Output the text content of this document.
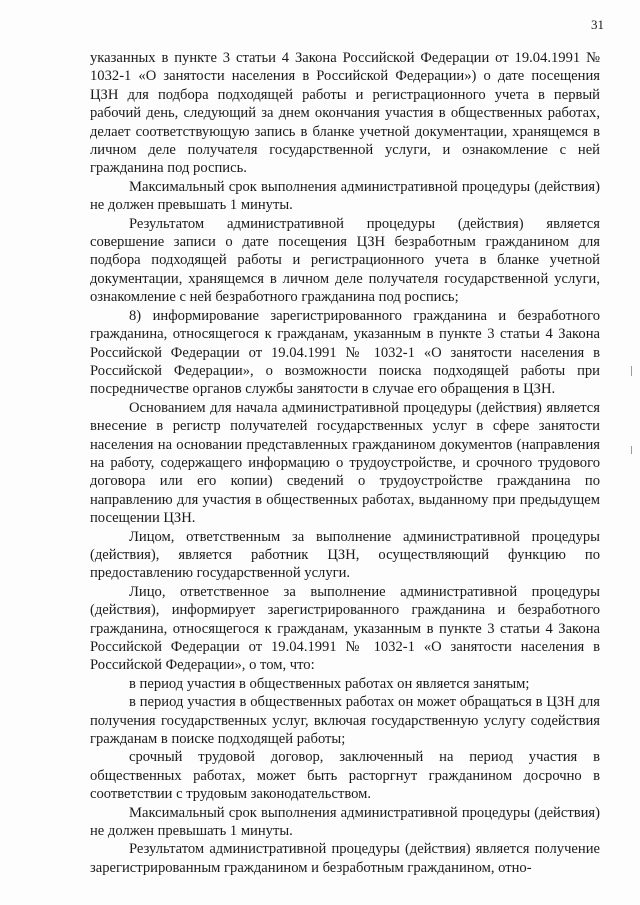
31

указанных в пункте 3 статьи 4 Закона Российской Федерации от 19.04.1991 № 1032-1 «О занятости населения в Российской Федерации») о дате посещения ЦЗН для подбора подходящей работы и регистрационного учета в первый рабочий день, следующий за днем окончания участия в общественных работах, делает соответствующую запись в бланке учетной документации, хранящемся в личном деле получателя государственной услуги, и ознакомление с ней гражданина под роспись.

Максимальный срок выполнения административной процедуры (действия) не должен превышать 1 минуты.

Результатом административной процедуры (действия) является совершение записи о дате посещения ЦЗН безработным гражданином для подбора подходящей работы и регистрационного учета в бланке учетной документации, хранящемся в личном деле получателя государственной услуги, ознакомление с ней безработного гражданина под роспись;

8) информирование зарегистрированного гражданина и безработного гражданина, относящегося к гражданам, указанным в пункте 3 статьи 4 Закона Российской Федерации от 19.04.1991 № 1032-1 «О занятости населения в Российской Федерации», о возможности поиска подходящей работы при посредничестве органов службы занятости в случае его обращения в ЦЗН.

Основанием для начала административной процедуры (действия) является внесение в регистр получателей государственных услуг в сфере занятости населения на основании представленных гражданином документов (направления на работу, содержащего информацию о трудоустройстве, и срочного трудового договора или его копии) сведений о трудоустройстве гражданина по направлению для участия в общественных работах, выданному при предыдущем посещении ЦЗН.

Лицом, ответственным за выполнение административной процедуры (действия), является работник ЦЗН, осуществляющий функцию по предоставлению государственной услуги.

Лицо, ответственное за выполнение административной процедуры (действия), информирует зарегистрированного гражданина и безработного гражданина, относящегося к гражданам, указанным в пункте 3 статьи 4 Закона Российской Федерации от 19.04.1991 № 1032-1 «О занятости населения в Российской Федерации», о том, что:

в период участия в общественных работах он является занятым;

в период участия в общественных работах он может обращаться в ЦЗН для получения государственных услуг, включая государственную услугу содействия гражданам в поиске подходящей работы;

срочный трудовой договор, заключенный на период участия в общественных работах, может быть расторгнут гражданином досрочно в соответствии с трудовым законодательством.

Максимальный срок выполнения административной процедуры (действия) не должен превышать 1 минуты.

Результатом административной процедуры (действия) является получение зарегистрированным гражданином и безработным гражданином, отно-
